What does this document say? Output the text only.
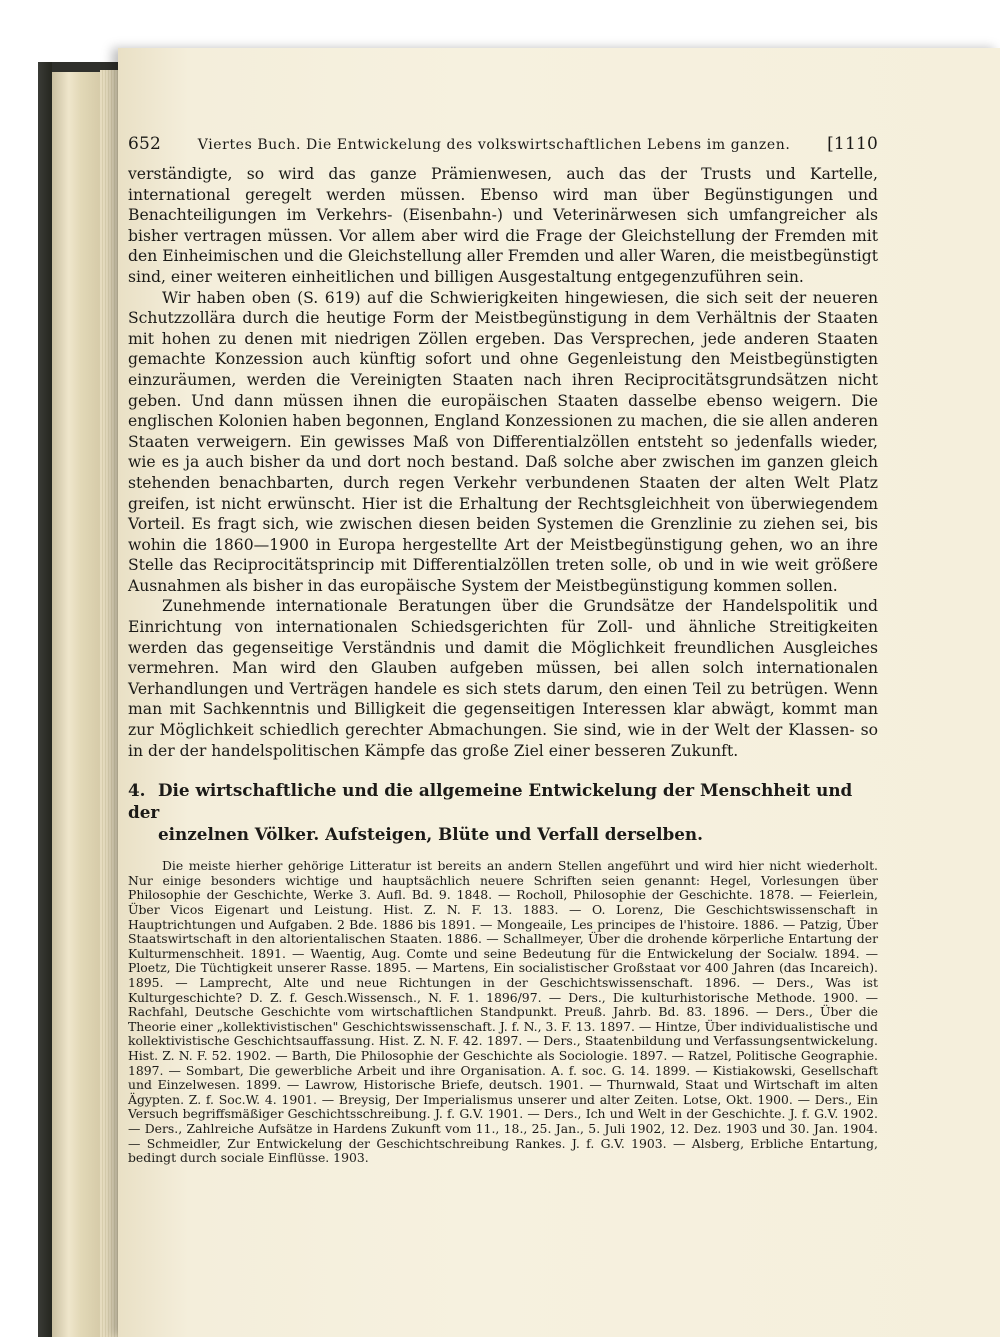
652	Viertes Buch. Die Entwickelung des volkswirtschaftlichen Lebens im ganzen.	[1110

verständigte, so wird das ganze Prämienwesen, auch das der Trusts und Kartelle, international geregelt werden müssen. Ebenso wird man über Begünstigungen und Benachteiligungen im Verkehrs- (Eisenbahn-) und Veterinärwesen sich umfangreicher als bisher vertragen müssen. Vor allem aber wird die Frage der Gleichstellung der Fremden mit den Einheimischen und die Gleichstellung aller Fremden und aller Waren, die meistbegünstigt sind, einer weiteren einheitlichen und billigen Ausgestaltung entgegenzuführen sein.

Wir haben oben (S. 619) auf die Schwierigkeiten hingewiesen, die sich seit der neueren Schutzzollära durch die heutige Form der Meistbegünstigung in dem Verhältnis der Staaten mit hohen zu denen mit niedrigen Zöllen ergeben. Das Versprechen, jede anderen Staaten gemachte Konzession auch künftig sofort und ohne Gegenleistung den Meistbegünstigten einzuräumen, werden die Vereinigten Staaten nach ihren Reciprocitätsgrundsätzen nicht geben. Und dann müssen ihnen die europäischen Staaten dasselbe ebenso weigern. Die englischen Kolonien haben begonnen, England Konzessionen zu machen, die sie allen anderen Staaten verweigern. Ein gewisses Maß von Differentialzöllen entsteht so jedenfalls wieder, wie es ja auch bisher da und dort noch bestand. Daß solche aber zwischen im ganzen gleich stehenden benachbarten, durch regen Verkehr verbundenen Staaten der alten Welt Platz greifen, ist nicht erwünscht. Hier ist die Erhaltung der Rechtsgleichheit von überwiegendem Vorteil. Es fragt sich, wie zwischen diesen beiden Systemen die Grenzlinie zu ziehen sei, bis wohin die 1860—1900 in Europa hergestellte Art der Meistbegünstigung gehen, wo an ihre Stelle das Reciprocitätsprincip mit Differentialzöllen treten solle, ob und in wie weit größere Ausnahmen als bisher in das europäische System der Meistbegünstigung kommen sollen.

Zunehmende internationale Beratungen über die Grundsätze der Handelspolitik und Einrichtung von internationalen Schiedsgerichten für Zoll- und ähnliche Streitigkeiten werden das gegenseitige Verständnis und damit die Möglichkeit freundlichen Ausgleiches vermehren. Man wird den Glauben aufgeben müssen, bei allen solch internationalen Verhandlungen und Verträgen handele es sich stets darum, den einen Teil zu betrügen. Wenn man mit Sachkenntnis und Billigkeit die gegenseitigen Interessen klar abwägt, kommt man zur Möglichkeit schiedlich gerechter Abmachungen. Sie sind, wie in der Welt der Klassen- so in der der handelspolitischen Kämpfe das große Ziel einer besseren Zukunft.

4. Die wirtschaftliche und die allgemeine Entwickelung der Menschheit und der
einzelnen Völker. Aufsteigen, Blüte und Verfall derselben.

Die meiste hierher gehörige Litteratur ist bereits an andern Stellen angeführt und wird hier nicht wiederholt. Nur einige besonders wichtige und hauptsächlich neuere Schriften seien genannt: Hegel, Vorlesungen über Philosophie der Geschichte, Werke 3. Aufl. Bd. 9. 1848. — Rocholl, Philosophie der Geschichte. 1878. — Feierlein, Über Vicos Eigenart und Leistung. Hist. Z. N. F. 13. 1883. — O. Lorenz, Die Geschichtswissenschaft in Hauptrichtungen und Aufgaben. 2 Bde. 1886 bis 1891. — Mongeaile, Les principes de l'histoire. 1886. — Patzig, Über Staatswirtschaft in den altorientalischen Staaten. 1886. — Schallmeyer, Über die drohende körperliche Entartung der Kulturmenschheit. 1891. — Waentig, Aug. Comte und seine Bedeutung für die Entwickelung der Socialw. 1894. — Ploetz, Die Tüchtigkeit unserer Rasse. 1895. — Martens, Ein socialistischer Großstaat vor 400 Jahren (das Incareich). 1895. — Lamprecht, Alte und neue Richtungen in der Geschichtswissenschaft. 1896. — Ders., Was ist Kulturgeschichte? D. Z. f. Gesch.Wissensch., N. F. 1. 1896/97. — Ders., Die kulturhistorische Methode. 1900. — Rachfahl, Deutsche Geschichte vom wirtschaftlichen Standpunkt. Preuß. Jahrb. Bd. 83. 1896. — Ders., Über die Theorie einer „kollektivistischen" Geschichtswissenschaft. J. f. N., 3. F. 13. 1897. — Hintze, Über individualistische und kollektivistische Geschichtsauffassung. Hist. Z. N. F. 42. 1897. — Ders., Staatenbildung und Verfassungsentwickelung. Hist. Z. N. F. 52. 1902. — Barth, Die Philosophie der Geschichte als Sociologie. 1897. — Ratzel, Politische Geographie. 1897. — Sombart, Die gewerbliche Arbeit und ihre Organisation. A. f. soc. G. 14. 1899. — Kistiakowski, Gesellschaft und Einzelwesen. 1899. — Lawrow, Historische Briefe, deutsch. 1901. — Thurnwald, Staat und Wirtschaft im alten Ägypten. Z. f. Soc.W. 4. 1901. — Breysig, Der Imperialismus unserer und alter Zeiten. Lotse, Okt. 1900. — Ders., Ein Versuch begriffsmäßiger Geschichtsschreibung. J. f. G.V. 1901. — Ders., Ich und Welt in der Geschichte. J. f. G.V. 1902. — Ders., Zahlreiche Aufsätze in Hardens Zukunft vom 11., 18., 25. Jan., 5. Juli 1902, 12. Dez. 1903 und 30. Jan. 1904. — Schmeidler, Zur Entwickelung der Geschichtschreibung Rankes. J. f. G.V. 1903. — Alsberg, Erbliche Entartung, bedingt durch sociale Einflüsse. 1903.
